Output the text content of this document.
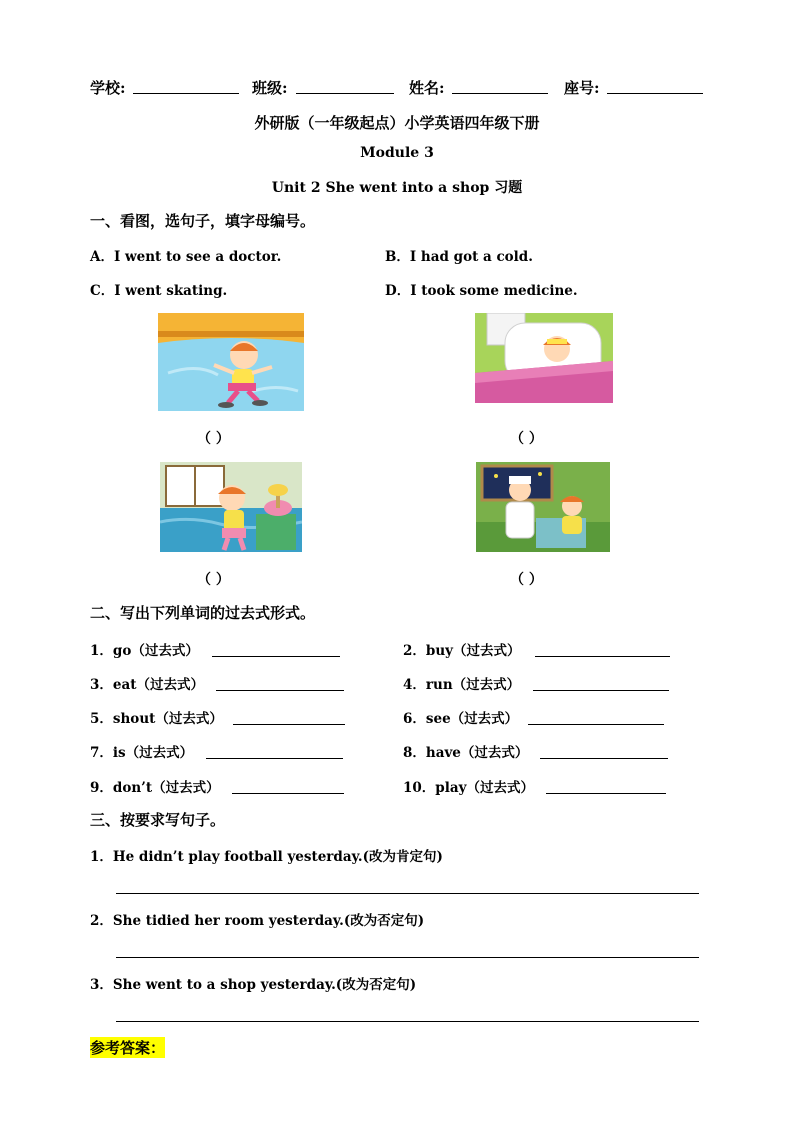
学校:	班级:	姓名:	座号:
外研版（一年级起点）小学英语四年级下册
Module 3
Unit 2 She went into a shop 习题
一、看图，选句子，填字母编号。
A．I went to see a doctor.	B．I had got a cold.
C．I went skating.	D．I took some medicine.
（ ）	（ ）
（ ）	（ ）
二、写出下列单词的过去式形式。
1．go（过去式）	2．buy（过去式）
3．eat（过去式）	4．run（过去式）
5．shout（过去式）	6．see（过去式）
7．is（过去式）	8．have（过去式）
9．don’t（过去式）	10．play（过去式）
三、按要求写句子。
1．He didn’t play football yesterday.(改为肯定句)
2．She tidied her room yesterday.(改为否定句)
3．She went to a shop yesterday.(改为否定句)
参考答案：
